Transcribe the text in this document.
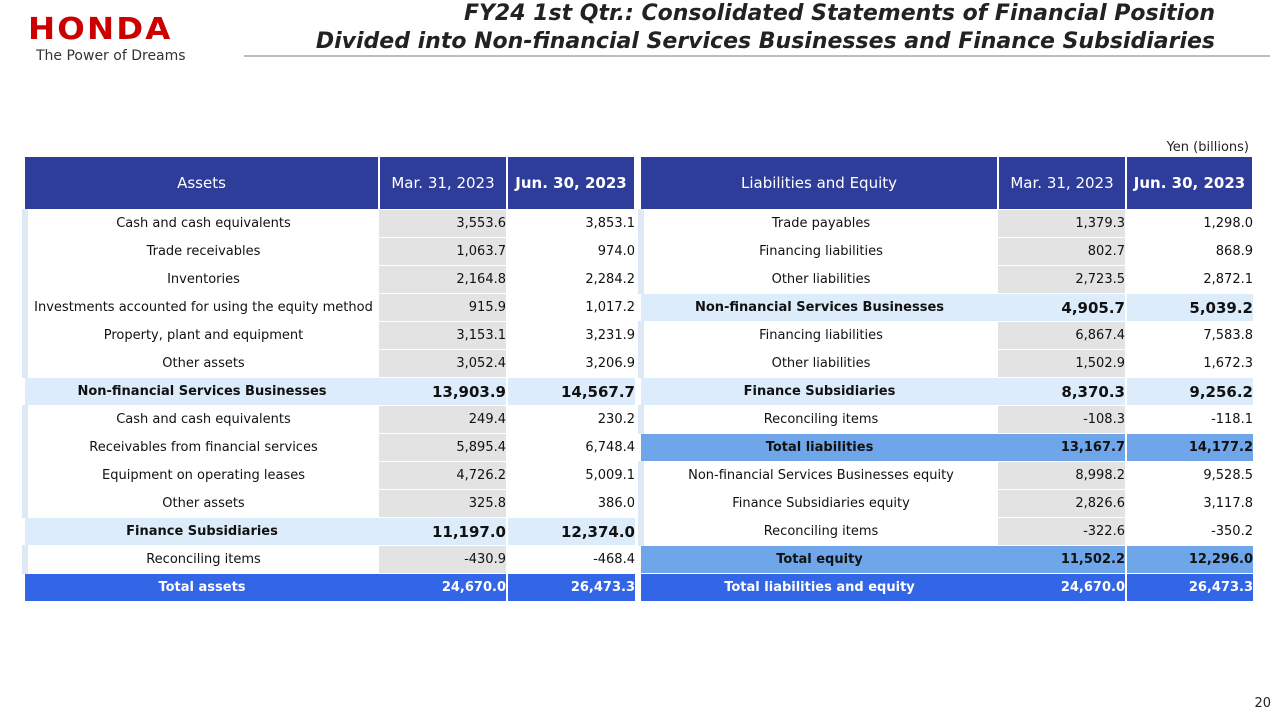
HONDA
The Power of Dreams
FY24 1st Qtr.: Consolidated Statements of Financial Position
Divided into Non-financial Services Businesses and Finance Subsidiaries
Yen (billions)
Assets	Mar. 31, 2023	Jun. 30, 2023
Cash and cash equivalents	3,553.6	3,853.1
Trade receivables	1,063.7	974.0
Inventories	2,164.8	2,284.2
Investments accounted for using the equity method	915.9	1,017.2
Property, plant and equipment	3,153.1	3,231.9
Other assets	3,052.4	3,206.9
Non-financial Services Businesses	13,903.9	14,567.7
Cash and cash equivalents	249.4	230.2
Receivables from financial services	5,895.4	6,748.4
Equipment on operating leases	4,726.2	5,009.1
Other assets	325.8	386.0
Finance Subsidiaries	11,197.0	12,374.0
Reconciling items	-430.9	-468.4
Total assets	24,670.0	26,473.3
Liabilities and Equity	Mar. 31, 2023	Jun. 30, 2023
Trade payables	1,379.3	1,298.0
Financing liabilities	802.7	868.9
Other liabilities	2,723.5	2,872.1
Non-financial Services Businesses	4,905.7	5,039.2
Financing liabilities	6,867.4	7,583.8
Other liabilities	1,502.9	1,672.3
Finance Subsidiaries	8,370.3	9,256.2
Reconciling items	-108.3	-118.1
Total liabilities	13,167.7	14,177.2
Non-financial Services Businesses equity	8,998.2	9,528.5
Finance Subsidiaries equity	2,826.6	3,117.8
Reconciling items	-322.6	-350.2
Total equity	11,502.2	12,296.0
Total liabilities and equity	24,670.0	26,473.3
20
